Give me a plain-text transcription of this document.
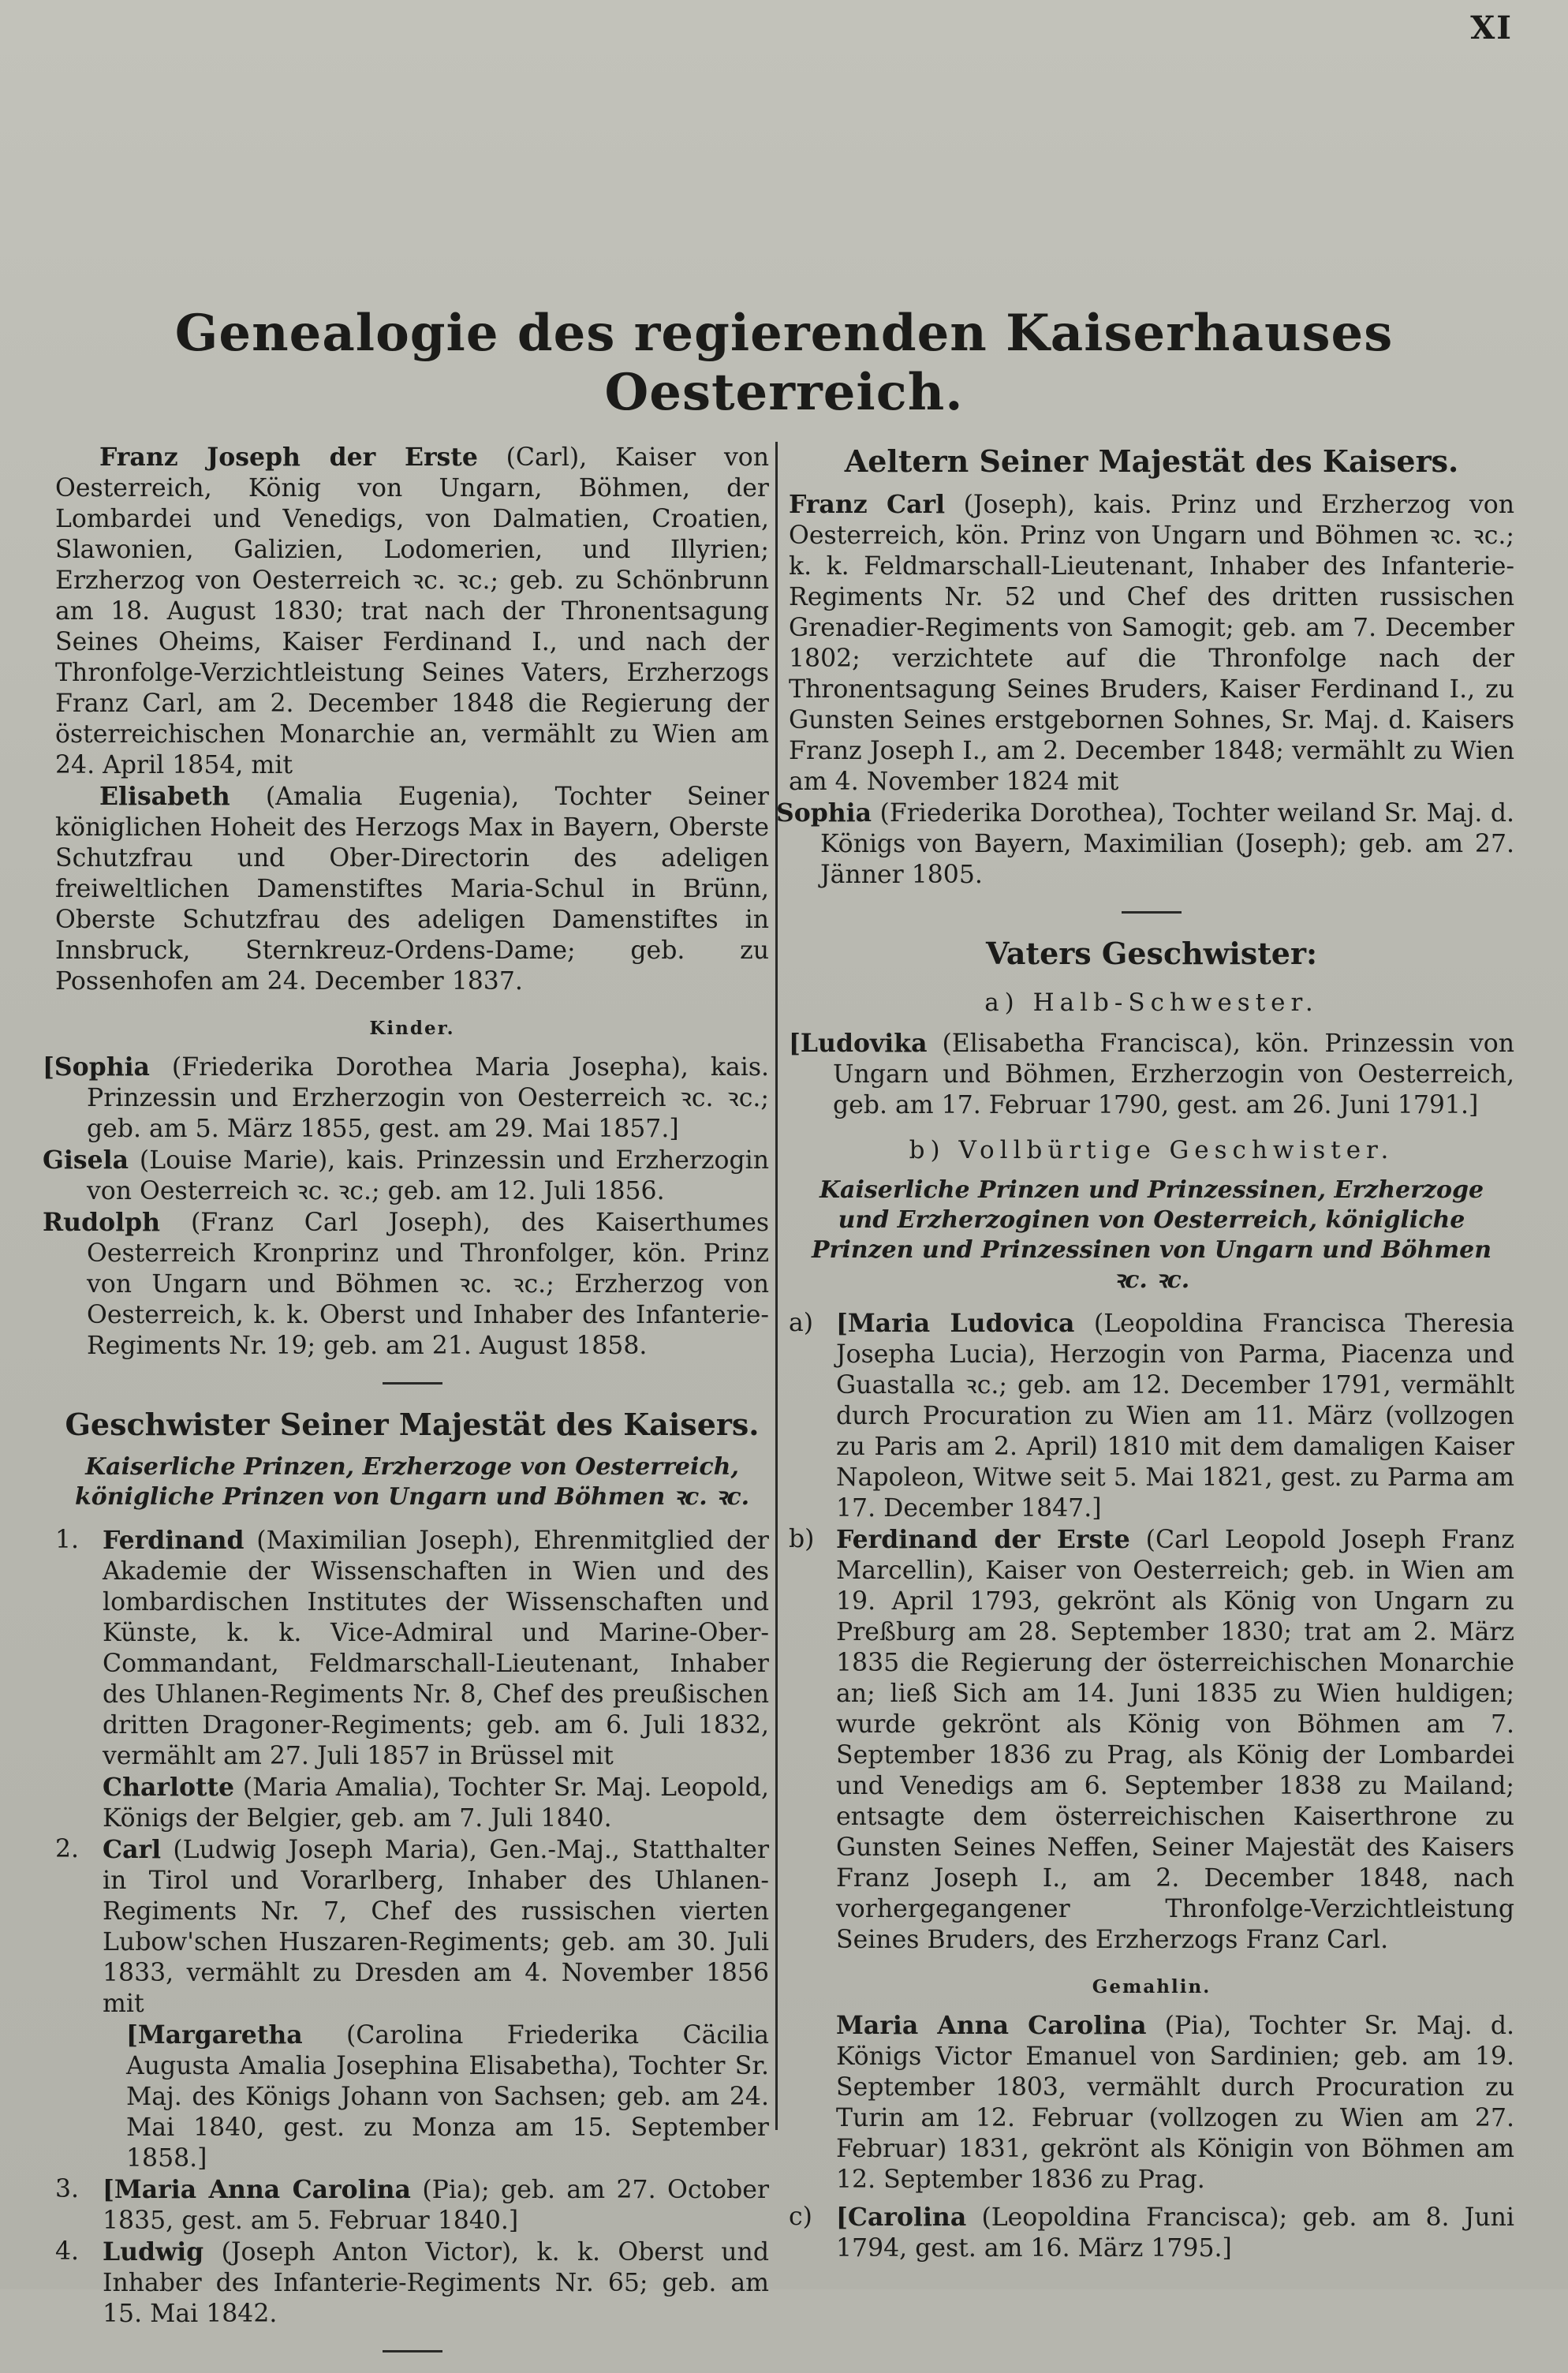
XI
Genealogie des regierenden Kaiserhauses Oesterreich.

Franz Joseph der Erste (Carl), Kaiser von Oesterreich, König von Ungarn, Böhmen, der Lombardei und Venedigs, von Dalmatien, Croatien, Slawonien, Galizien, Lodomerien, und Illyrien; Erzherzog von Oesterreich ꝛc. ꝛc.; geb. zu Schönbrunn am 18. August 1830; trat nach der Thronentsagung Seines Oheims, Kaiser Ferdinand I., und nach der Thronfolge-Verzichtleistung Seines Vaters, Erzherzogs Franz Carl, am 2. December 1848 die Regierung der österreichischen Monarchie an, vermählt zu Wien am 24. April 1854, mit

Elisabeth (Amalia Eugenia), Tochter Seiner königlichen Hoheit des Herzogs Max in Bayern, Oberste Schutzfrau und Ober-Directorin des adeligen freiweltlichen Damenstiftes Maria-Schul in Brünn, Oberste Schutzfrau des adeligen Damenstiftes in Innsbruck, Sternkreuz-Ordens-Dame; geb. zu Possenhofen am 24. December 1837.

Kinder.

[Sophia (Friederika Dorothea Maria Josepha), kais. Prinzessin und Erzherzogin von Oesterreich ꝛc. ꝛc.; geb. am 5. März 1855, gest. am 29. Mai 1857.]

Gisela (Louise Marie), kais. Prinzessin und Erzherzogin von Oesterreich ꝛc. ꝛc.; geb. am 12. Juli 1856.

Rudolph (Franz Carl Joseph), des Kaiserthumes Oesterreich Kronprinz und Thronfolger, kön. Prinz von Ungarn und Böhmen ꝛc. ꝛc.; Erzherzog von Oesterreich, k. k. Oberst und Inhaber des Infanterie-Regiments Nr. 19; geb. am 21. August 1858.

Geschwister Seiner Majestät des Kaisers.
Kaiserliche Prinzen, Erzherzoge von Oesterreich, königliche Prinzen von Ungarn und Böhmen ꝛc. ꝛc.
1. Ferdinand (Maximilian Joseph), Ehrenmitglied der Akademie der Wissenschaften in Wien und des lombardischen Institutes der Wissenschaften und Künste, k. k. Vice-Admiral und Marine-Ober-Commandant, Feldmarschall-Lieutenant, Inhaber des Uhlanen-Regiments Nr. 8, Chef des preußischen dritten Dragoner-Regiments; geb. am 6. Juli 1832, vermählt am 27. Juli 1857 in Brüssel mit

Charlotte (Maria Amalia), Tochter Sr. Maj. Leopold, Königs der Belgier, geb. am 7. Juli 1840.

2. Carl (Ludwig Joseph Maria), Gen.-Maj., Statthalter in Tirol und Vorarlberg, Inhaber des Uhlanen-Regiments Nr. 7, Chef des russischen vierten Lubow'schen Huszaren-Regiments; geb. am 30. Juli 1833, vermählt zu Dresden am 4. November 1856 mit

[Margaretha (Carolina Friederika Cäcilia Augusta Amalia Josephina Elisabetha), Tochter Sr. Maj. des Königs Johann von Sachsen; geb. am 24. Mai 1840, gest. zu Monza am 15. September 1858.]

3. [Maria Anna Carolina (Pia); geb. am 27. October 1835, gest. am 5. Februar 1840.]

4. Ludwig (Joseph Anton Victor), k. k. Oberst und Inhaber des Infanterie-Regiments Nr. 65; geb. am 15. Mai 1842.

Aeltern Seiner Majestät des Kaisers.

Franz Carl (Joseph), kais. Prinz und Erzherzog von Oesterreich, kön. Prinz von Ungarn und Böhmen ꝛc. ꝛc.; k. k. Feldmarschall-Lieutenant, Inhaber des Infanterie-Regiments Nr. 52 und Chef des dritten russischen Grenadier-Regiments von Samogit; geb. am 7. December 1802; verzichtete auf die Thronfolge nach der Thronentsagung Seines Bruders, Kaiser Ferdinand I., zu Gunsten Seines erstgebornen Sohnes, Sr. Maj. d. Kaisers Franz Joseph I., am 2. December 1848; vermählt zu Wien am 4. November 1824 mit

Sophia (Friederika Dorothea), Tochter weiland Sr. Maj. d. Königs von Bayern, Maximilian (Joseph); geb. am 27. Jänner 1805.

Vaters Geschwister:
a) Halb-Schwester.

[Ludovika (Elisabetha Francisca), kön. Prinzessin von Ungarn und Böhmen, Erzherzogin von Oesterreich, geb. am 17. Februar 1790, gest. am 26. Juni 1791.]

b) Vollbürtige Geschwister.
Kaiserliche Prinzen und Prinzessinen, Erzherzoge und Erzherzoginen von Oesterreich, königliche Prinzen und Prinzessinen von Ungarn und Böhmen ꝛc. ꝛc.
a) [Maria Ludovica (Leopoldina Francisca Theresia Josepha Lucia), Herzogin von Parma, Piacenza und Guastalla ꝛc.; geb. am 12. December 1791, vermählt durch Procuration zu Wien am 11. März (vollzogen zu Paris am 2. April) 1810 mit dem damaligen Kaiser Napoleon, Witwe seit 5. Mai 1821, gest. zu Parma am 17. December 1847.]

b) Ferdinand der Erste (Carl Leopold Joseph Franz Marcellin), Kaiser von Oesterreich; geb. in Wien am 19. April 1793, gekrönt als König von Ungarn zu Preßburg am 28. September 1830; trat am 2. März 1835 die Regierung der österreichischen Monarchie an; ließ Sich am 14. Juni 1835 zu Wien huldigen; wurde gekrönt als König von Böhmen am 7. September 1836 zu Prag, als König der Lombardei und Venedigs am 6. September 1838 zu Mailand; entsagte dem österreichischen Kaiserthrone zu Gunsten Seines Neffen, Seiner Majestät des Kaisers Franz Joseph I., am 2. December 1848, nach vorhergegangener Thronfolge-Verzichtleistung Seines Bruders, des Erzherzogs Franz Carl.

Gemahlin.

Maria Anna Carolina (Pia), Tochter Sr. Maj. d. Königs Victor Emanuel von Sardinien; geb. am 19. September 1803, vermählt durch Procuration zu Turin am 12. Februar (vollzogen zu Wien am 27. Februar) 1831, gekrönt als Königin von Böhmen am 12. September 1836 zu Prag.

c) [Carolina (Leopoldina Francisca); geb. am 8. Juni 1794, gest. am 16. März 1795.]
